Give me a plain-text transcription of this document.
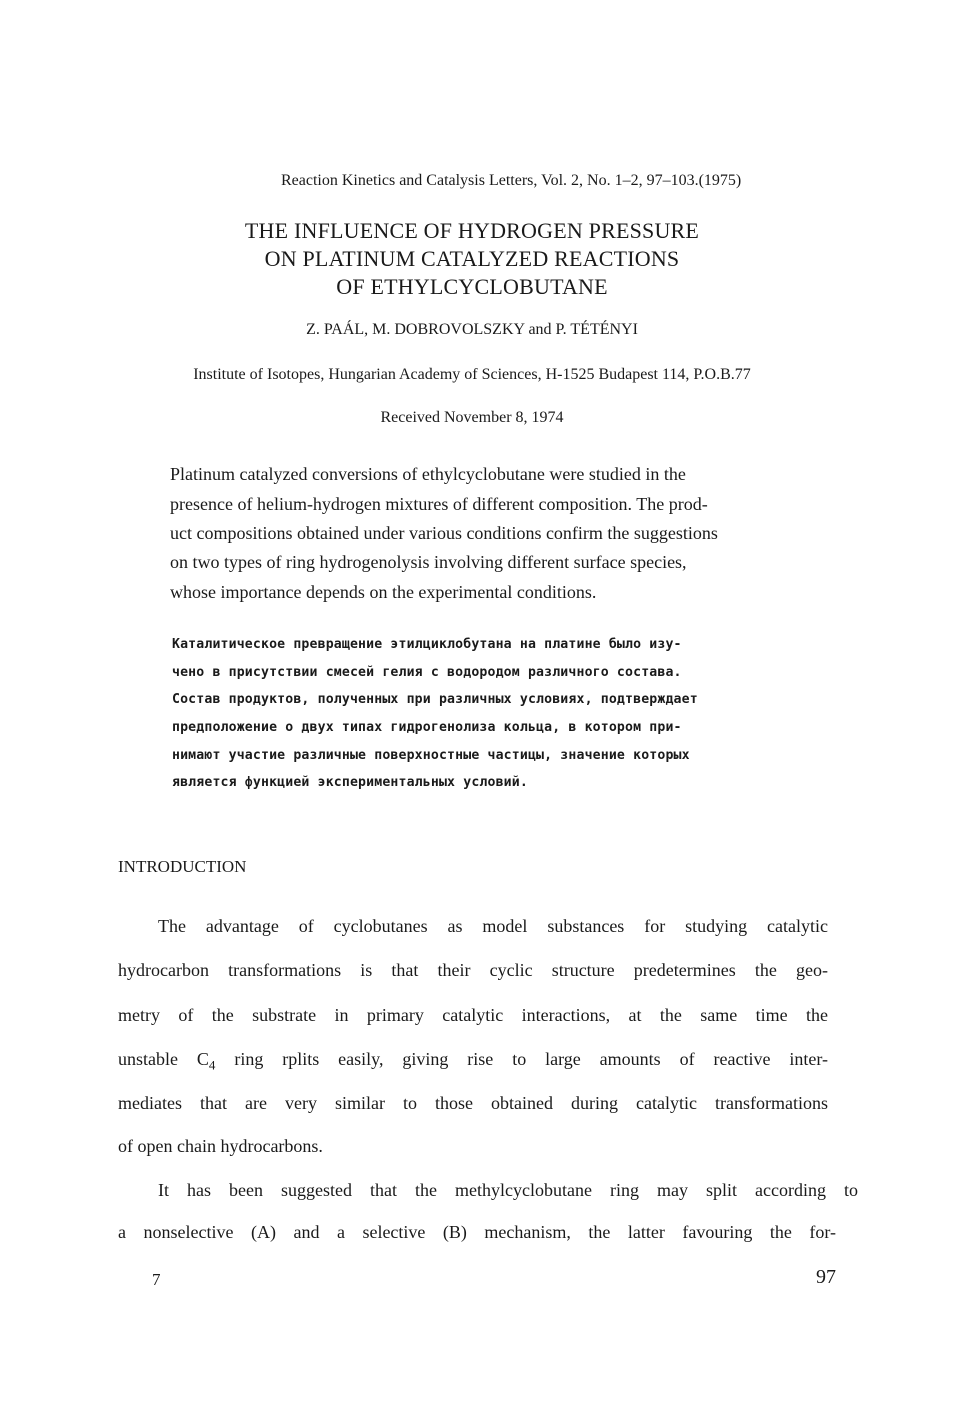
Reaction Kinetics and Catalysis Letters, Vol. 2, No. 1–2, 97–103.(1975)
THE INFLUENCE OF HYDROGEN PRESSURE
ON PLATINUM CATALYZED REACTIONS
OF ETHYLCYCLOBUTANE
Z. PAÁL, M. DOBROVOLSZKY and P. TÉTÉNYI
Institute of Isotopes, Hungarian Academy of Sciences, H-1525 Budapest 114, P.O.B.77
Received November 8, 1974
Platinum catalyzed conversions of ethylcyclobutane were studied in the
presence of helium-hydrogen mixtures of different composition. The prod-
uct compositions obtained under various conditions confirm the suggestions
on two types of ring hydrogenolysis involving different surface species,
whose importance depends on the experimental conditions.
Каталитическое превращение этилциклобутана на платине было изу-
чено в присутствии смесей гелия с водородом различного состава.
Состав продуктов, полученных при различных условиях, подтверждает
предположение о двух типах гидрогенолиза кольца, в котором при-
нимают участие различные поверхностные частицы, значение которых
является функцией экспериментальных условий.
INTRODUCTION
The advantage of cyclobutanes as model substances for studying catalytic
hydrocarbon transformations is that their cyclic structure predetermines the geo-
metry of the substrate in primary catalytic interactions, at the same time the
unstable $C_4$ ring rplits easily, giving rise to large amounts of reactive inter-
mediates that are very similar to those obtained during catalytic transformations
of open chain hydrocarbons.
It has been suggested that the methylcyclobutane ring may split according to
a nonselective (A) and a selective (B) mechanism, the latter favouring the for-
7	97
